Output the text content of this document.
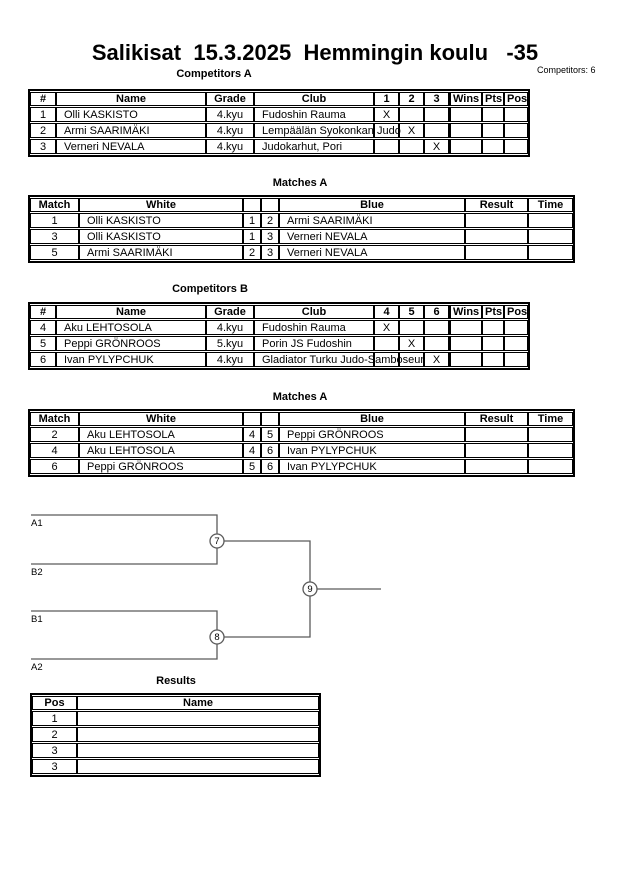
Salikisat  15.3.2025  Hemmingin koulu   -35
Competitors: 6
Competitors A
#	Name	Grade	Club	1	2	3	Wins	Pts	Pos
1	Olli KASKISTO	4.kyu	Fudoshin Rauma	X					
2	Armi SAARIMÄKI	4.kyu	Lempäälän Syokonkan Judo		X				
3	Verneri NEVALA	4.kyu	Judokarhut, Pori			X			
Matches A
Match	White			Blue	Result	Time
1	Olli KASKISTO	1	2	Armi SAARIMÄKI		
3	Olli KASKISTO	1	3	Verneri NEVALA		
5	Armi SAARIMÄKI	2	3	Verneri NEVALA		
Competitors B
#	Name	Grade	Club	4	5	6	Wins	Pts	Pos
4	Aku LEHTOSOLA	4.kyu	Fudoshin Rauma	X					
5	Peppi GRÖNROOS	5.kyu	Porin JS Fudoshin		X				
6	Ivan PYLYPCHUK	4.kyu	Gladiator Turku Judo-Samboseur			X			
Matches A
Match	White			Blue	Result	Time
2	Aku LEHTOSOLA	4	5	Peppi GRÖNROOS		
4	Aku LEHTOSOLA	4	6	Ivan PYLYPCHUK		
6	Peppi GRÖNROOS	5	6	Ivan PYLYPCHUK		
A1
B2
B1
A2
7
8
9
Results
Pos	Name
1	
2	
3	
3	
